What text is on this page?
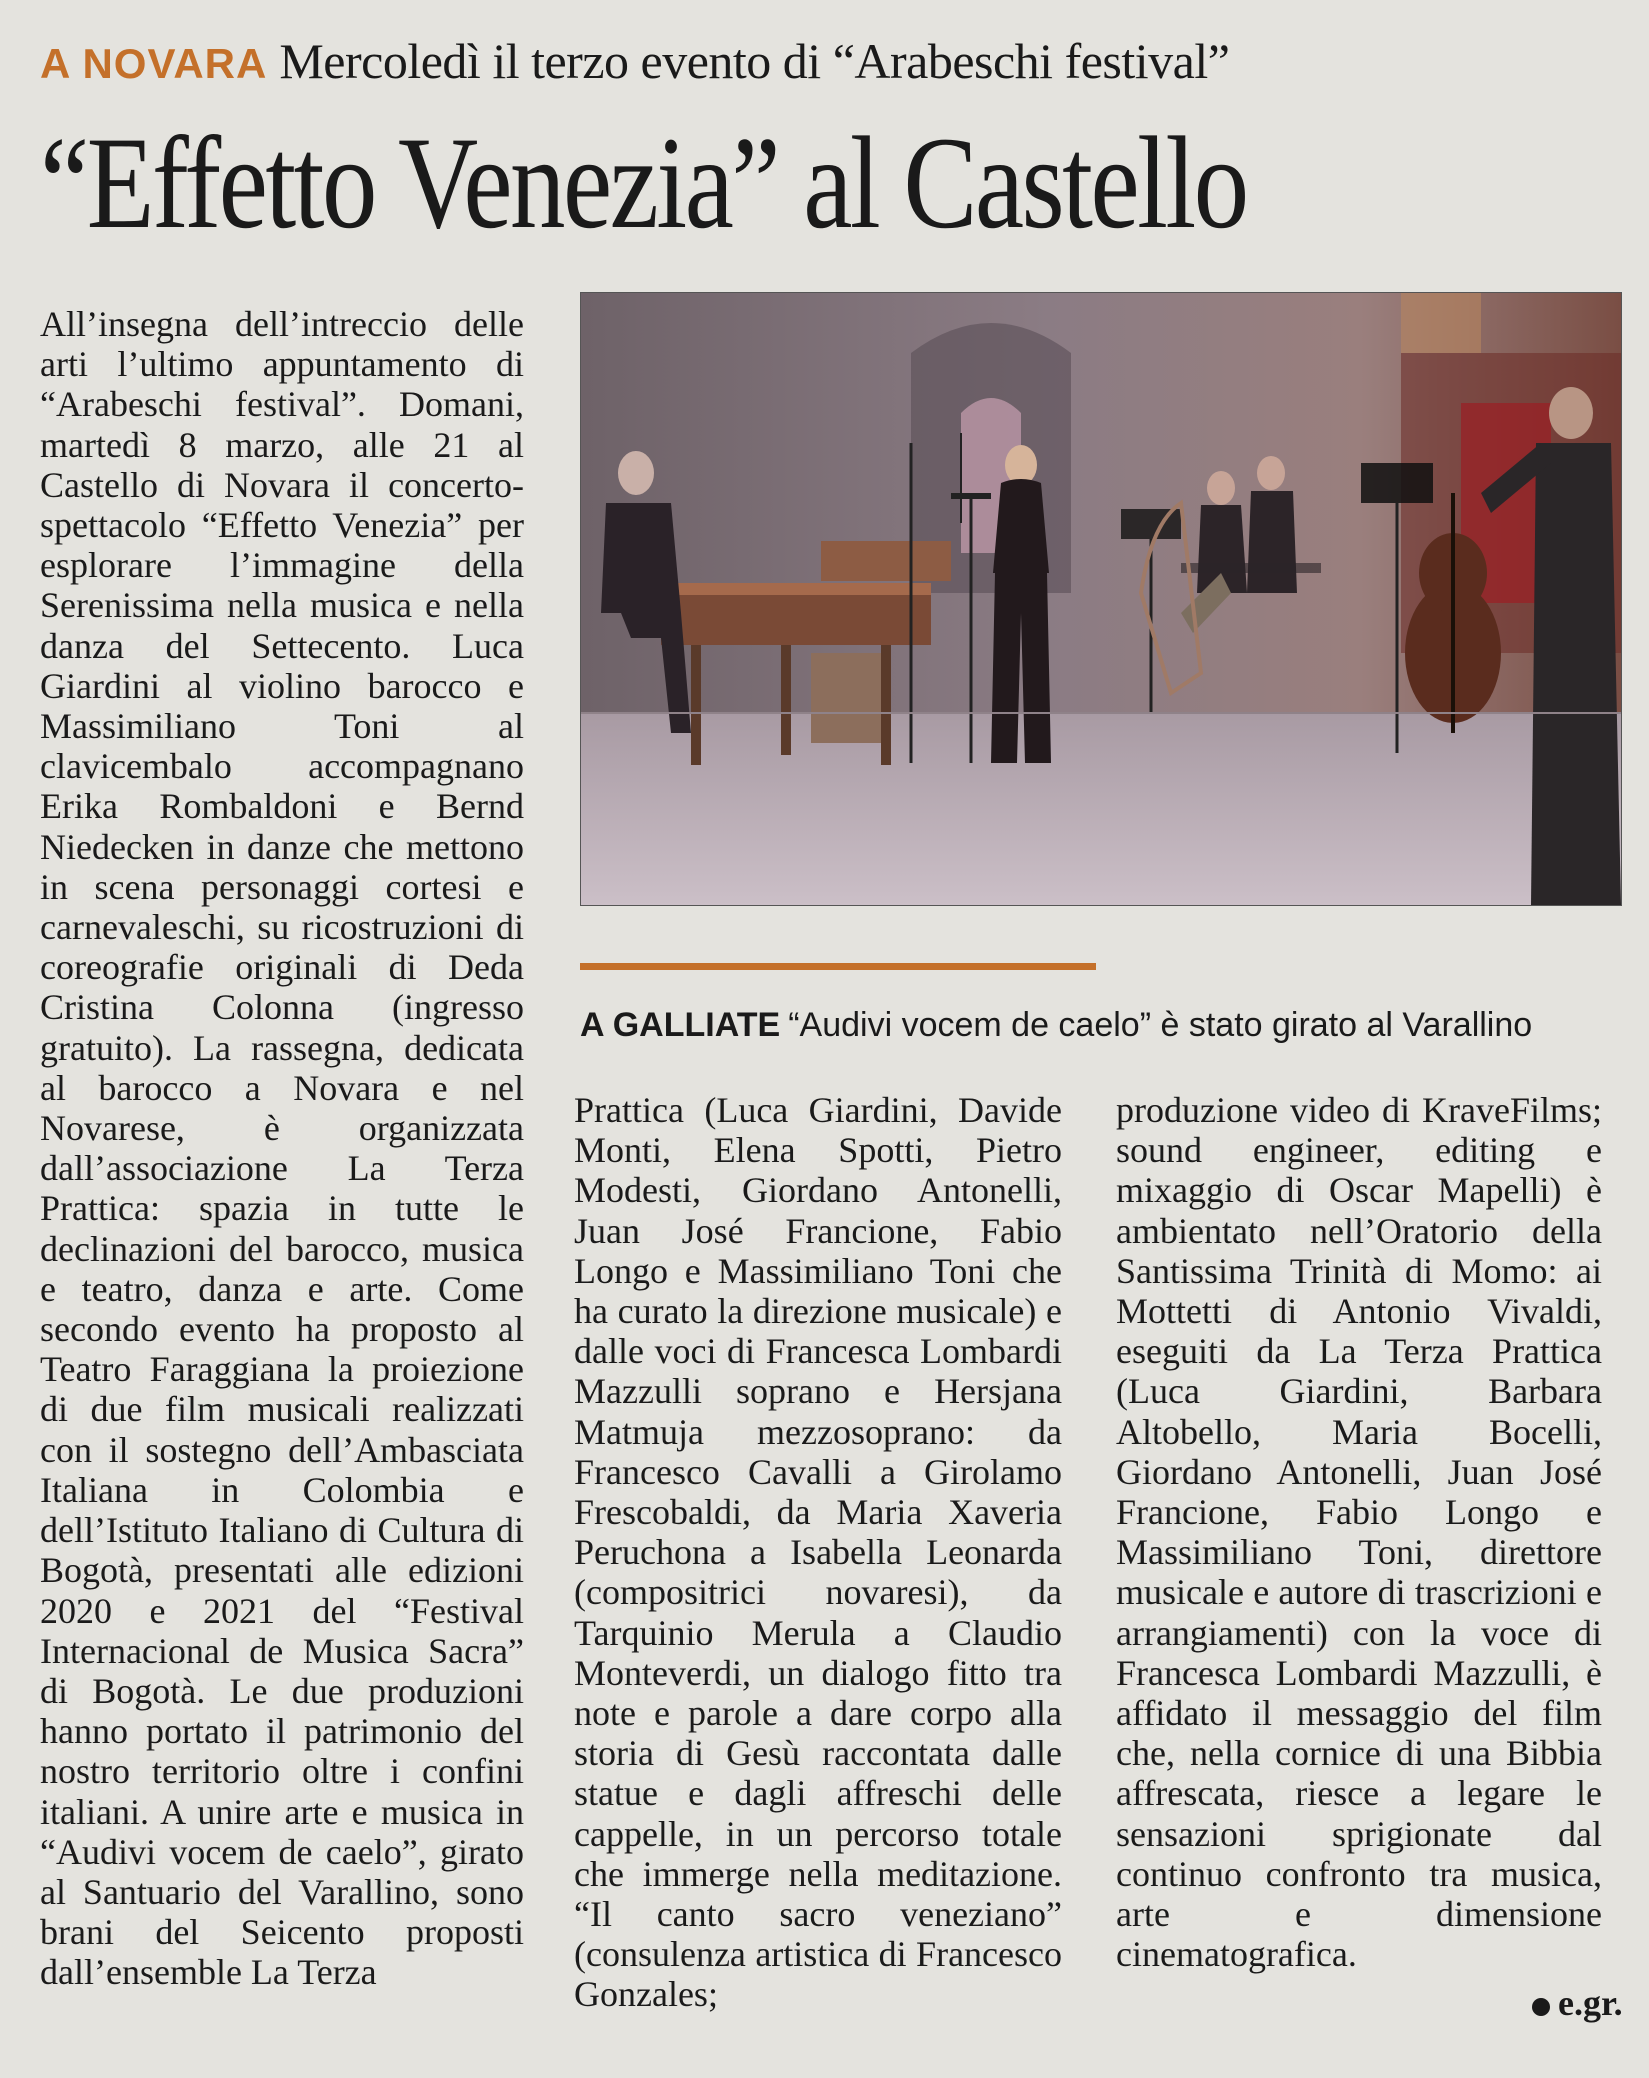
A NOVARA Mercoledì il terzo evento di “Arabeschi festival”
“Effetto Venezia” al Castello
All’insegna dell’intreccio delle arti l’ultimo appuntamento di “Arabeschi festival”. Domani, martedì 8 marzo, alle 21 al Castello di Novara il concerto-spettacolo “Effetto Venezia” per esplorare l’immagine della Serenissima nella musica e nella danza del Settecento. Luca Giardini al violino barocco e Massimiliano Toni al clavicembalo accompagnano Erika Rombaldoni e Bernd Niedecken in danze che mettono in scena personaggi cortesi e carnevaleschi, su ricostruzioni di coreografie originali di Deda Cristina Colonna (ingresso gratuito). La rassegna, dedicata al barocco a Novara e nel Novarese, è organizzata dall’associazione La Terza Prattica: spazia in tutte le declinazioni del barocco, musica e teatro, danza e arte. Come secondo evento ha proposto al Teatro Faraggiana la proiezione di due film musicali realizzati con il sostegno dell’Ambasciata Italiana in Colombia e dell’Istituto Italiano di Cultura di Bogotà, presentati alle edizioni 2020 e 2021 del “Festival Internacional de Musica Sacra” di Bogotà. Le due produzioni hanno portato il patrimonio del nostro territorio oltre i confini italiani. A unire arte e musica in “Audivi vocem de caelo”, girato al Santuario del Varallino, sono brani del Seicento proposti dall’ensemble La Terza
A GALLIATE “Audivi vocem de caelo” è stato girato al Varallino
Prattica (Luca Giardini, Davide Monti, Elena Spotti, Pietro Modesti, Giordano Antonelli, Juan José Francione, Fabio Longo e Massimiliano Toni che ha curato la direzione musicale) e dalle voci di Francesca Lombardi Mazzulli soprano e Hersjana Matmuja mezzosoprano: da Francesco Cavalli a Girolamo Frescobaldi, da Maria Xaveria Peruchona a Isabella Leonarda (compositrici novaresi), da Tarquinio Merula a Claudio Monteverdi, un dialogo fitto tra note e parole a dare corpo alla storia di Gesù raccontata dalle statue e dagli affreschi delle cappelle, in un percorso totale che immerge nella meditazione. “Il canto sacro veneziano” (consulenza artistica di Francesco Gonzales;
produzione video di KraveFilms; sound engineer, editing e mixaggio di Oscar Mapelli) è ambientato nell’Oratorio della Santissima Trinità di Momo: ai Mottetti di Antonio Vivaldi, eseguiti da La Terza Prattica (Luca Giardini, Barbara Altobello, Maria Bocelli, Giordano Antonelli, Juan José Francione, Fabio Longo e Massimiliano Toni, direttore musicale e autore di trascrizioni e arrangiamenti) con la voce di Francesca Lombardi Mazzulli, è affidato il messaggio del film che, nella cornice di una Bibbia affrescata, riesce a legare le sensazioni sprigionate dal continuo confronto tra musica, arte e dimensione cinematografica.
e.gr.
